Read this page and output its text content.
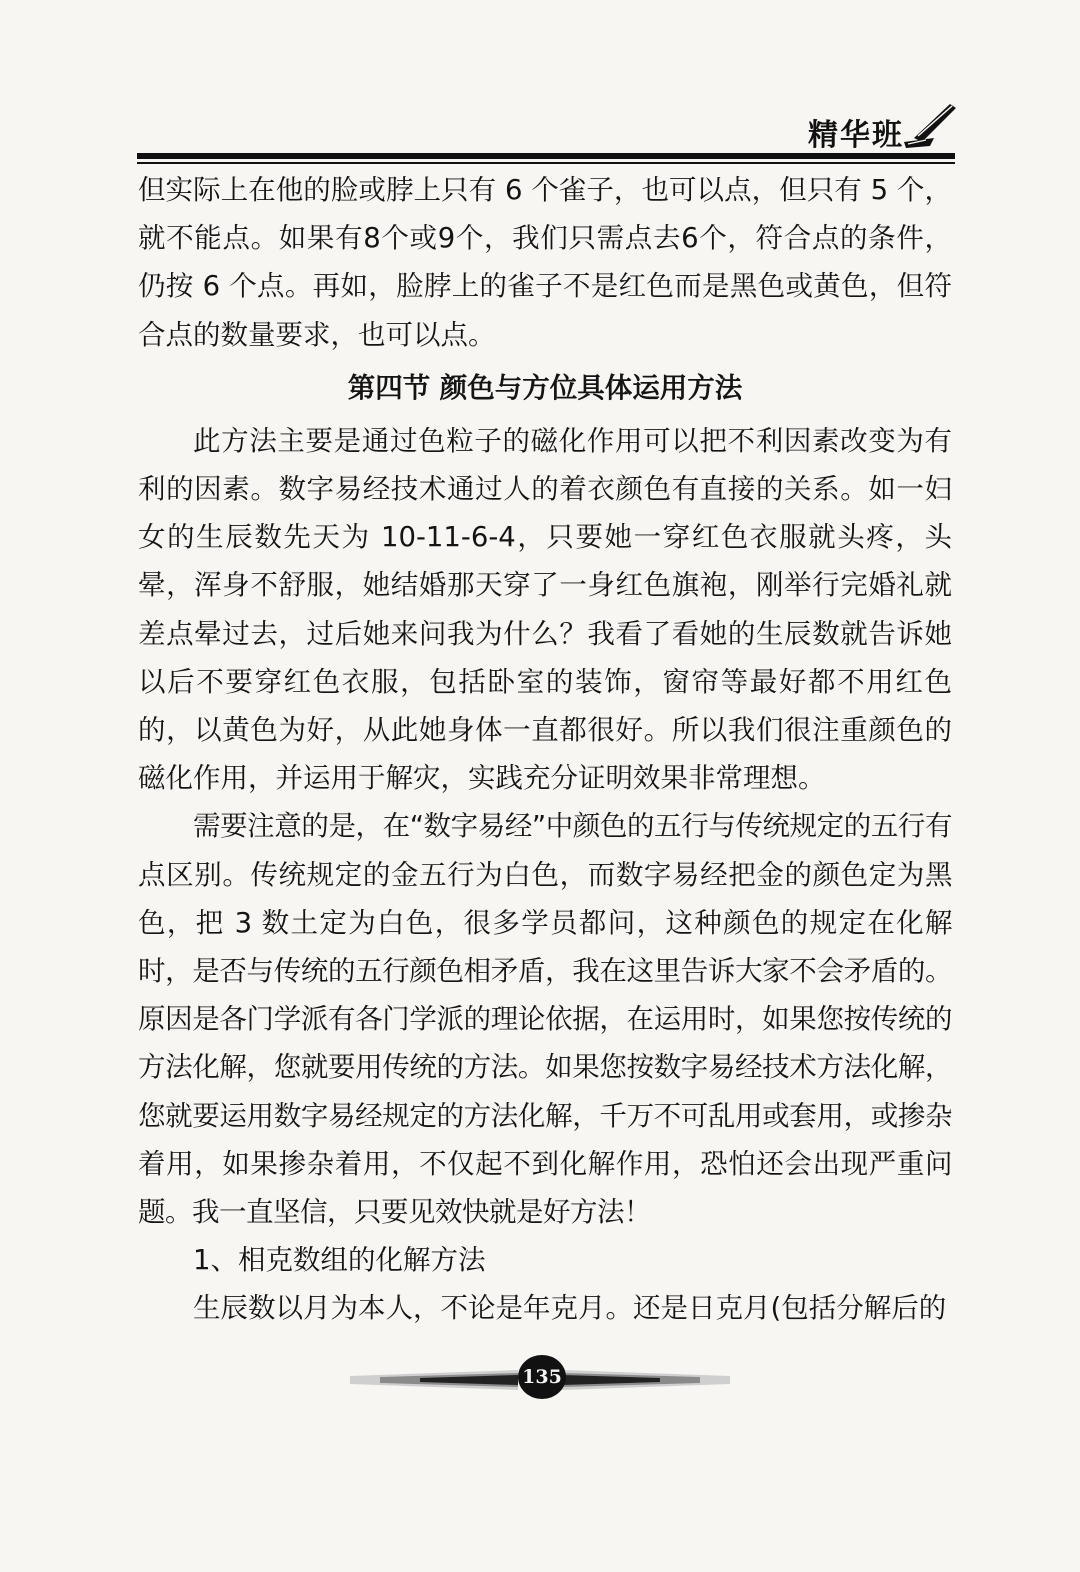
精华班

但实际上在他的脸或脖上只有 6 个雀子，也可以点，但只有 5 个，就不能点。如果有8个或9个，我们只需点去6个，符合点的条件，仍按 6 个点。再如，脸脖上的雀子不是红色而是黑色或黄色，但符合点的数量要求，也可以点。

第四节 颜色与方位具体运用方法

此方法主要是通过色粒子的磁化作用可以把不利因素改变为有利的因素。数字易经技术通过人的着衣颜色有直接的关系。如一妇女的生辰数先天为 10-11-6-4，只要她一穿红色衣服就头疼，头晕，浑身不舒服，她结婚那天穿了一身红色旗袍，刚举行完婚礼就差点晕过去，过后她来问我为什么？我看了看她的生辰数就告诉她以后不要穿红色衣服，包括卧室的装饰，窗帘等最好都不用红色的，以黄色为好，从此她身体一直都很好。所以我们很注重颜色的磁化作用，并运用于解灾，实践充分证明效果非常理想。

需要注意的是，在“数字易经”中颜色的五行与传统规定的五行有点区别。传统规定的金五行为白色，而数字易经把金的颜色定为黑色，把 3 数土定为白色，很多学员都问，这种颜色的规定在化解时，是否与传统的五行颜色相矛盾，我在这里告诉大家不会矛盾的。原因是各门学派有各门学派的理论依据，在运用时，如果您按传统的方法化解，您就要用传统的方法。如果您按数字易经技术方法化解，您就要运用数字易经规定的方法化解，千万不可乱用或套用，或掺杂着用，如果掺杂着用，不仅起不到化解作用，恐怕还会出现严重问题。我一直坚信，只要见效快就是好方法！

1、相克数组的化解方法

生辰数以月为本人，不论是年克月。还是日克月(包括分解后的

135
